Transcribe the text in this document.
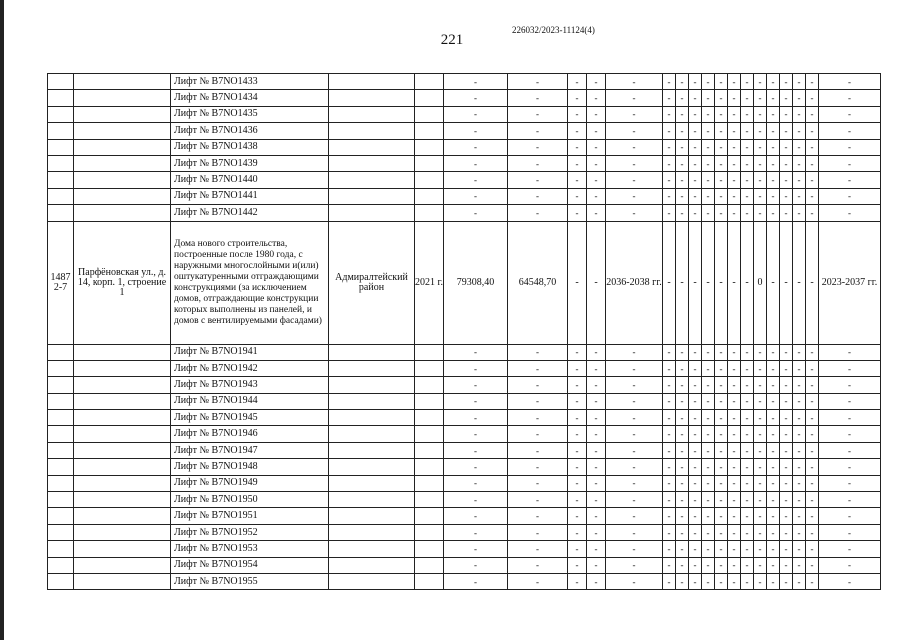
221
226032/2023-11124(4)
		Лифт № В7NO1433			-	-	-	-	-	-	-	-	-	-	-	-	-	-	-	-	-	-
		Лифт № В7NO1434			-	-	-	-	-	-	-	-	-	-	-	-	-	-	-	-	-	-
		Лифт № В7NO1435			-	-	-	-	-	-	-	-	-	-	-	-	-	-	-	-	-	-
		Лифт № В7NO1436			-	-	-	-	-	-	-	-	-	-	-	-	-	-	-	-	-	-
		Лифт № В7NO1438			-	-	-	-	-	-	-	-	-	-	-	-	-	-	-	-	-	-
		Лифт № В7NO1439			-	-	-	-	-	-	-	-	-	-	-	-	-	-	-	-	-	-
		Лифт № В7NO1440			-	-	-	-	-	-	-	-	-	-	-	-	-	-	-	-	-	-
		Лифт № В7NO1441			-	-	-	-	-	-	-	-	-	-	-	-	-	-	-	-	-	-
		Лифт № В7NO1442			-	-	-	-	-	-	-	-	-	-	-	-	-	-	-	-	-	-
1487 2-7	Парфёновская ул., д. 14, корп. 1, строение 1	Дома нового строительства, построенные после 1980 года, с наружными многослойными и(или) оштукатуренными отграждающими конструкциями (за исключением домов, отграждающие конструкции которых выполнены из панелей, и домов с вентилируемыми фасадами)	Адмиралтейский район	2021 г.	79308,40	64548,70	-	-	2036-2038 гг.	-	-	-	-	-	-	-	0	-	-	-	-	2023-2037 гг.
		Лифт № В7NO1941			-	-	-	-	-	-	-	-	-	-	-	-	-	-	-	-	-	-
		Лифт № В7NO1942			-	-	-	-	-	-	-	-	-	-	-	-	-	-	-	-	-	-
		Лифт № В7NO1943			-	-	-	-	-	-	-	-	-	-	-	-	-	-	-	-	-	-
		Лифт № В7NO1944			-	-	-	-	-	-	-	-	-	-	-	-	-	-	-	-	-	-
		Лифт № В7NO1945			-	-	-	-	-	-	-	-	-	-	-	-	-	-	-	-	-	-
		Лифт № В7NO1946			-	-	-	-	-	-	-	-	-	-	-	-	-	-	-	-	-	-
		Лифт № В7NO1947			-	-	-	-	-	-	-	-	-	-	-	-	-	-	-	-	-	-
		Лифт № В7NO1948			-	-	-	-	-	-	-	-	-	-	-	-	-	-	-	-	-	-
		Лифт № В7NO1949			-	-	-	-	-	-	-	-	-	-	-	-	-	-	-	-	-	-
		Лифт № В7NO1950			-	-	-	-	-	-	-	-	-	-	-	-	-	-	-	-	-	-
		Лифт № В7NO1951			-	-	-	-	-	-	-	-	-	-	-	-	-	-	-	-	-	-
		Лифт № В7NO1952			-	-	-	-	-	-	-	-	-	-	-	-	-	-	-	-	-	-
		Лифт № В7NO1953			-	-	-	-	-	-	-	-	-	-	-	-	-	-	-	-	-	-
		Лифт № В7NO1954			-	-	-	-	-	-	-	-	-	-	-	-	-	-	-	-	-	-
		Лифт № В7NO1955			-	-	-	-	-	-	-	-	-	-	-	-	-	-	-	-	-	-
